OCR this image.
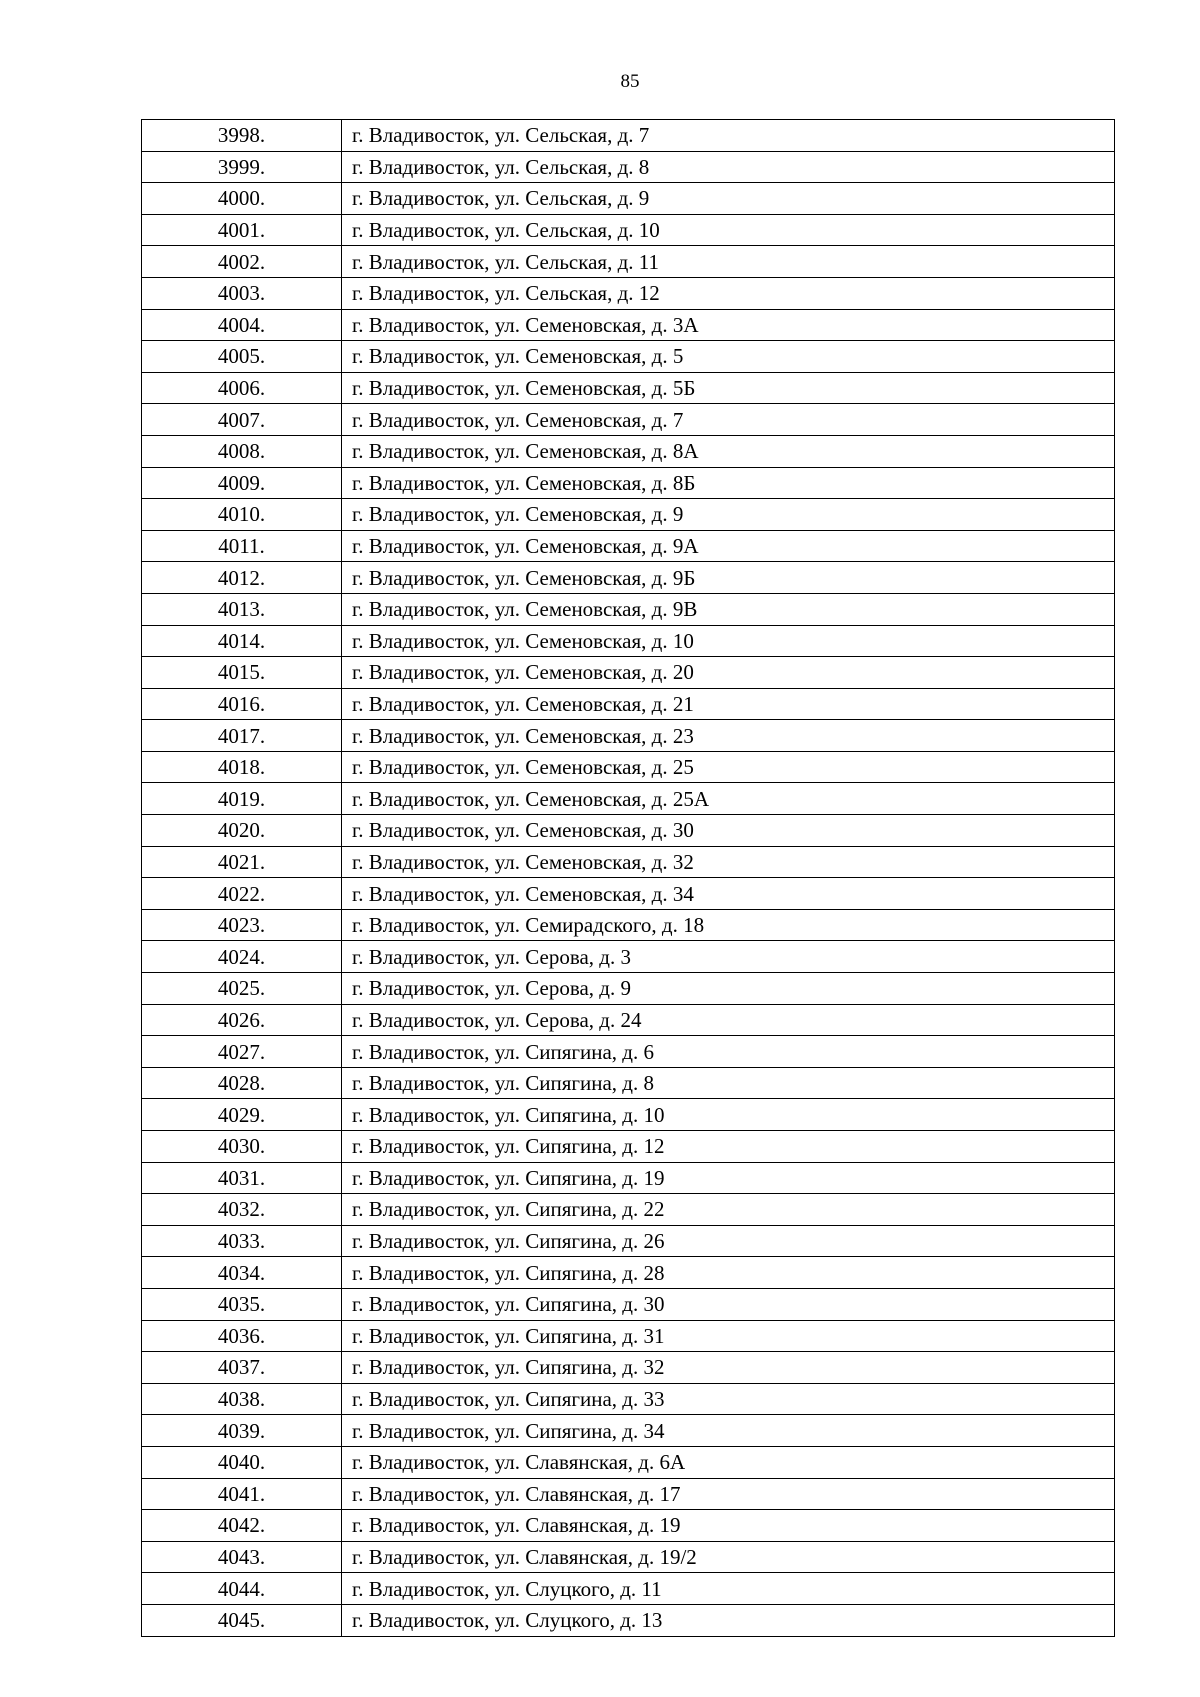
85
3998.	г. Владивосток, ул. Сельская, д. 7
3999.	г. Владивосток, ул. Сельская, д. 8
4000.	г. Владивосток, ул. Сельская, д. 9
4001.	г. Владивосток, ул. Сельская, д. 10
4002.	г. Владивосток, ул. Сельская, д. 11
4003.	г. Владивосток, ул. Сельская, д. 12
4004.	г. Владивосток, ул. Семеновская, д. 3А
4005.	г. Владивосток, ул. Семеновская, д. 5
4006.	г. Владивосток, ул. Семеновская, д. 5Б
4007.	г. Владивосток, ул. Семеновская, д. 7
4008.	г. Владивосток, ул. Семеновская, д. 8А
4009.	г. Владивосток, ул. Семеновская, д. 8Б
4010.	г. Владивосток, ул. Семеновская, д. 9
4011.	г. Владивосток, ул. Семеновская, д. 9А
4012.	г. Владивосток, ул. Семеновская, д. 9Б
4013.	г. Владивосток, ул. Семеновская, д. 9В
4014.	г. Владивосток, ул. Семеновская, д. 10
4015.	г. Владивосток, ул. Семеновская, д. 20
4016.	г. Владивосток, ул. Семеновская, д. 21
4017.	г. Владивосток, ул. Семеновская, д. 23
4018.	г. Владивосток, ул. Семеновская, д. 25
4019.	г. Владивосток, ул. Семеновская, д. 25А
4020.	г. Владивосток, ул. Семеновская, д. 30
4021.	г. Владивосток, ул. Семеновская, д. 32
4022.	г. Владивосток, ул. Семеновская, д. 34
4023.	г. Владивосток, ул. Семирадского, д. 18
4024.	г. Владивосток, ул. Серова, д. 3
4025.	г. Владивосток, ул. Серова, д. 9
4026.	г. Владивосток, ул. Серова, д. 24
4027.	г. Владивосток, ул. Сипягина, д. 6
4028.	г. Владивосток, ул. Сипягина, д. 8
4029.	г. Владивосток, ул. Сипягина, д. 10
4030.	г. Владивосток, ул. Сипягина, д. 12
4031.	г. Владивосток, ул. Сипягина, д. 19
4032.	г. Владивосток, ул. Сипягина, д. 22
4033.	г. Владивосток, ул. Сипягина, д. 26
4034.	г. Владивосток, ул. Сипягина, д. 28
4035.	г. Владивосток, ул. Сипягина, д. 30
4036.	г. Владивосток, ул. Сипягина, д. 31
4037.	г. Владивосток, ул. Сипягина, д. 32
4038.	г. Владивосток, ул. Сипягина, д. 33
4039.	г. Владивосток, ул. Сипягина, д. 34
4040.	г. Владивосток, ул. Славянская, д. 6А
4041.	г. Владивосток, ул. Славянская, д. 17
4042.	г. Владивосток, ул. Славянская, д. 19
4043.	г. Владивосток, ул. Славянская, д. 19/2
4044.	г. Владивосток, ул. Слуцкого, д. 11
4045.	г. Владивосток, ул. Слуцкого, д. 13
